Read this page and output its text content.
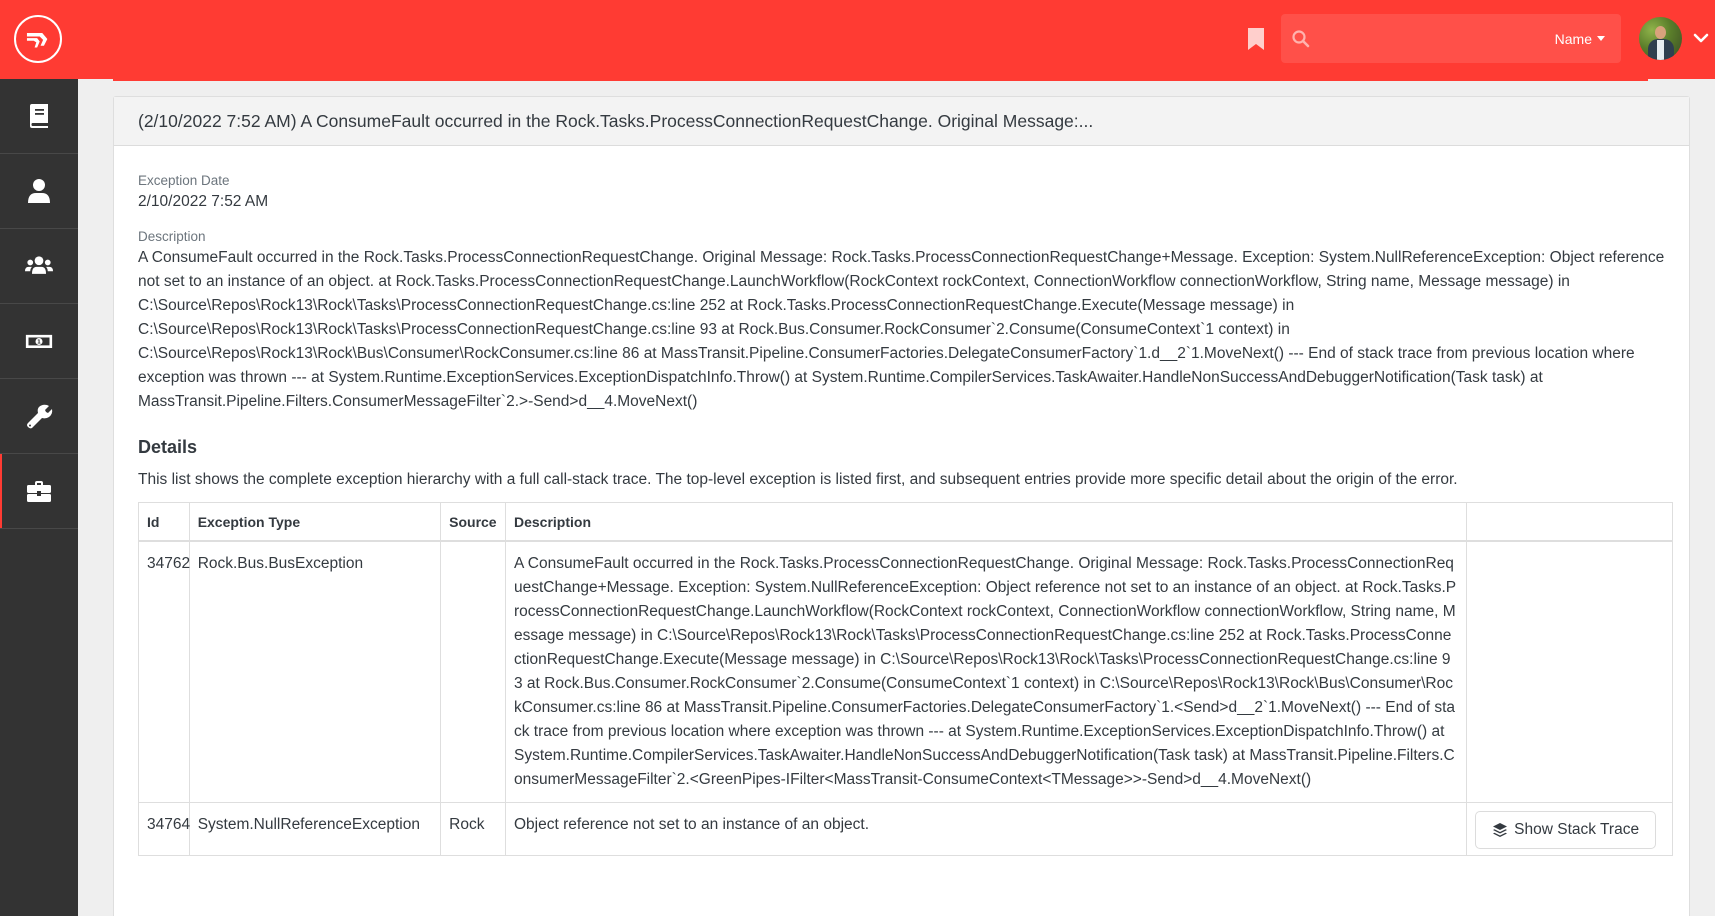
Name
1
(2/10/2022 7:52 AM) A ConsumeFault occurred in the Rock.Tasks.ProcessConnectionRequestChange. Original Message:...
Exception Date
2/10/2022 7:52 AM
Description
A ConsumeFault occurred in the Rock.Tasks.ProcessConnectionRequestChange. Original Message: Rock.Tasks.ProcessConnectionRequestChange+Message. Exception: System.NullReferenceException: Object reference not set to an instance of an object. at Rock.Tasks.ProcessConnectionRequestChange.LaunchWorkflow(RockContext rockContext, ConnectionWorkflow connectionWorkflow, String name, Message message) in C:\Source\Repos\Rock13\Rock\Tasks\ProcessConnectionRequestChange.cs:line 252 at Rock.Tasks.ProcessConnectionRequestChange.Execute(Message message) in C:\Source\Repos\Rock13\Rock\Tasks\ProcessConnectionRequestChange.cs:line 93 at Rock.Bus.Consumer.RockConsumer`2.Consume(ConsumeContext`1 context) in C:\Source\Repos\Rock13\Rock\Bus\Consumer\RockConsumer.cs:line 86 at MassTransit.Pipeline.ConsumerFactories.DelegateConsumerFactory`1.d__2`1.MoveNext() --- End of stack trace from previous location where exception was thrown --- at System.Runtime.ExceptionServices.ExceptionDispatchInfo.Throw() at System.Runtime.CompilerServices.TaskAwaiter.HandleNonSuccessAndDebuggerNotification(Task task) at MassTransit.Pipeline.Filters.ConsumerMessageFilter`2.>-Send>d__4.MoveNext()
Details

This list shows the complete exception hierarchy with a full call-stack trace. The top-level exception is listed first, and subsequent entries provide more specific detail about the origin of the error.

Id	Exception Type	Source	Description	
34762	Rock.Bus.BusException		A ConsumeFault occurred in the Rock.Tasks.ProcessConnectionRequestChange. Original Message: Rock.Tasks.ProcessConnectionRequestChange+Message. Exception: System.NullReferenceException: Object reference not set to an instance of an object. at Rock.Tasks.ProcessConnectionRequestChange.LaunchWorkflow(RockContext rockContext, ConnectionWorkflow connectionWorkflow, String name, Message message) in C:\Source\Repos\Rock13\Rock\Tasks\ProcessConnectionRequestChange.cs:line 252 at Rock.Tasks.ProcessConnectionRequestChange.Execute(Message message) in C:\Source\Repos\Rock13\Rock\Tasks\ProcessConnectionRequestChange.cs:line 93 at Rock.Bus.Consumer.RockConsumer`2.Consume(ConsumeContext`1 context) in C:\Source\Repos\Rock13\Rock\Bus\Consumer\RockConsumer.cs:line 86 at MassTransit.Pipeline.ConsumerFactories.DelegateConsumerFactory`1.<Send>d__2`1.MoveNext() --- End of stack trace from previous location where exception was thrown --- at System.Runtime.ExceptionServices.ExceptionDispatchInfo.Throw() at System.Runtime.CompilerServices.TaskAwaiter.HandleNonSuccessAndDebuggerNotification(Task task) at MassTransit.Pipeline.Filters.ConsumerMessageFilter`2.<GreenPipes-IFilter<MassTransit-ConsumeContext<TMessage>>-Send>d__4.MoveNext()	
34764	System.NullReferenceException	Rock	Object reference not set to an instance of an object.	Show Stack Trace
